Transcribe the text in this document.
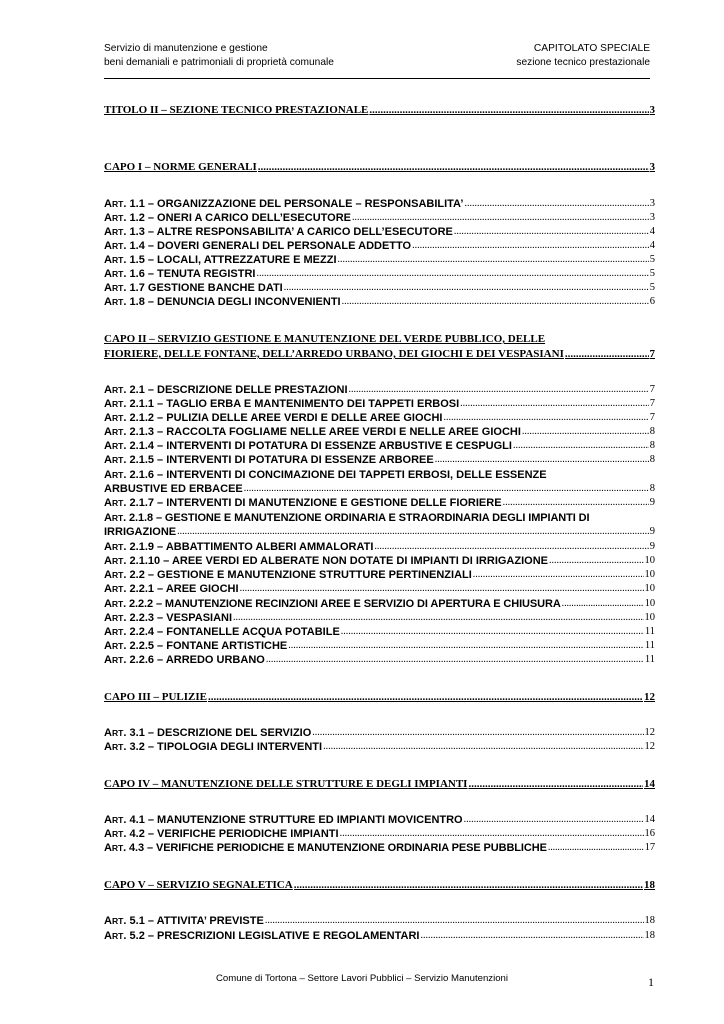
Servizio di manutenzione e gestione
beni demaniali e patrimoniali di proprietà comunale
CAPITOLATO SPECIALE
sezione tecnico prestazionale
TITOLO II – SEZIONE TECNICO PRESTAZIONALE .....	3
CAPO I – NORME GENERALI .....	3
ART. 1.1 – ORGANIZZAZIONE DEL PERSONALE – RESPONSABILITA’ .....	3
ART. 1.2 – ONERI A CARICO DELL’ESECUTORE .....	3
ART. 1.3 – ALTRE RESPONSABILITA’ A CARICO DELL’ESECUTORE .....	4
ART. 1.4 – DOVERI GENERALI DEL PERSONALE ADDETTO .....	4
ART. 1.5 – LOCALI, ATTREZZATURE E MEZZI .....	5
ART. 1.6 – TENUTA REGISTRI .....	5
ART. 1.7 GESTIONE BANCHE DATI .....	5
ART. 1.8 – DENUNCIA DEGLI INCONVENIENTI .....	6
CAPO II – SERVIZIO GESTIONE E MANUTENZIONE DEL VERDE PUBBLICO, DELLE
FIORIERE, DELLE FONTANE, DELL’ARREDO URBANO, DEI GIOCHI E DEI VESPASIANI .....	7
ART. 2.1 – DESCRIZIONE DELLE PRESTAZIONI .....	7
ART. 2.1.1 – TAGLIO ERBA E MANTENIMENTO DEI TAPPETI ERBOSI .....	7
ART. 2.1.2 – PULIZIA DELLE AREE VERDI E DELLE AREE GIOCHI .....	7
ART. 2.1.3 – RACCOLTA FOGLIAME NELLE AREE VERDI E NELLE AREE GIOCHI .....	8
ART. 2.1.4 – INTERVENTI DI POTATURA DI ESSENZE ARBUSTIVE E CESPUGLI .....	8
ART. 2.1.5 – INTERVENTI DI POTATURA DI ESSENZE ARBOREE .....	8
ART. 2.1.6 – INTERVENTI DI CONCIMAZIONE DEI TAPPETI ERBOSI, DELLE ESSENZE
ARBUSTIVE ED ERBACEE .....	8
ART. 2.1.7 – INTERVENTI DI MANUTENZIONE E GESTIONE DELLE FIORIERE .....	9
ART. 2.1.8 – GESTIONE E MANUTENZIONE ORDINARIA E STRAORDINARIA DEGLI IMPIANTI DI
IRRIGAZIONE .....	9
ART. 2.1.9 – ABBATTIMENTO ALBERI AMMALORATI .....	9
ART. 2.1.10 – AREE VERDI ED ALBERATE NON DOTATE DI IMPIANTI DI IRRIGAZIONE .....	10
ART. 2.2 – GESTIONE E MANUTENZIONE STRUTTURE PERTINENZIALI .....	10
ART. 2.2.1 – AREE GIOCHI .....	10
ART. 2.2.2 – MANUTENZIONE RECINZIONI AREE E SERVIZIO DI APERTURA E CHIUSURA .....	10
ART. 2.2.3 – VESPASIANI .....	10
ART. 2.2.4 – FONTANELLE ACQUA POTABILE .....	11
ART. 2.2.5 – FONTANE ARTISTICHE .....	11
ART. 2.2.6 – ARREDO URBANO .....	11
CAPO III – PULIZIE .....	12
ART. 3.1 – DESCRIZIONE DEL SERVIZIO .....	12
ART. 3.2 – TIPOLOGIA DEGLI INTERVENTI .....	12
CAPO IV – MANUTENZIONE DELLE STRUTTURE E DEGLI IMPIANTI .....	14
ART. 4.1 – MANUTENZIONE STRUTTURE ED IMPIANTI MOVICENTRO .....	14
ART. 4.2 – VERIFICHE PERIODICHE IMPIANTI .....	16
ART. 4.3 – VERIFICHE PERIODICHE E MANUTENZIONE ORDINARIA PESE PUBBLICHE .....	17
CAPO V – SERVIZIO SEGNALETICA .....	18
ART. 5.1 – ATTIVITA’ PREVISTE .....	18
ART. 5.2 – PRESCRIZIONI LEGISLATIVE E REGOLAMENTARI .....	18
Comune di Tortona – Settore Lavori Pubblici – Servizio Manutenzioni	1
